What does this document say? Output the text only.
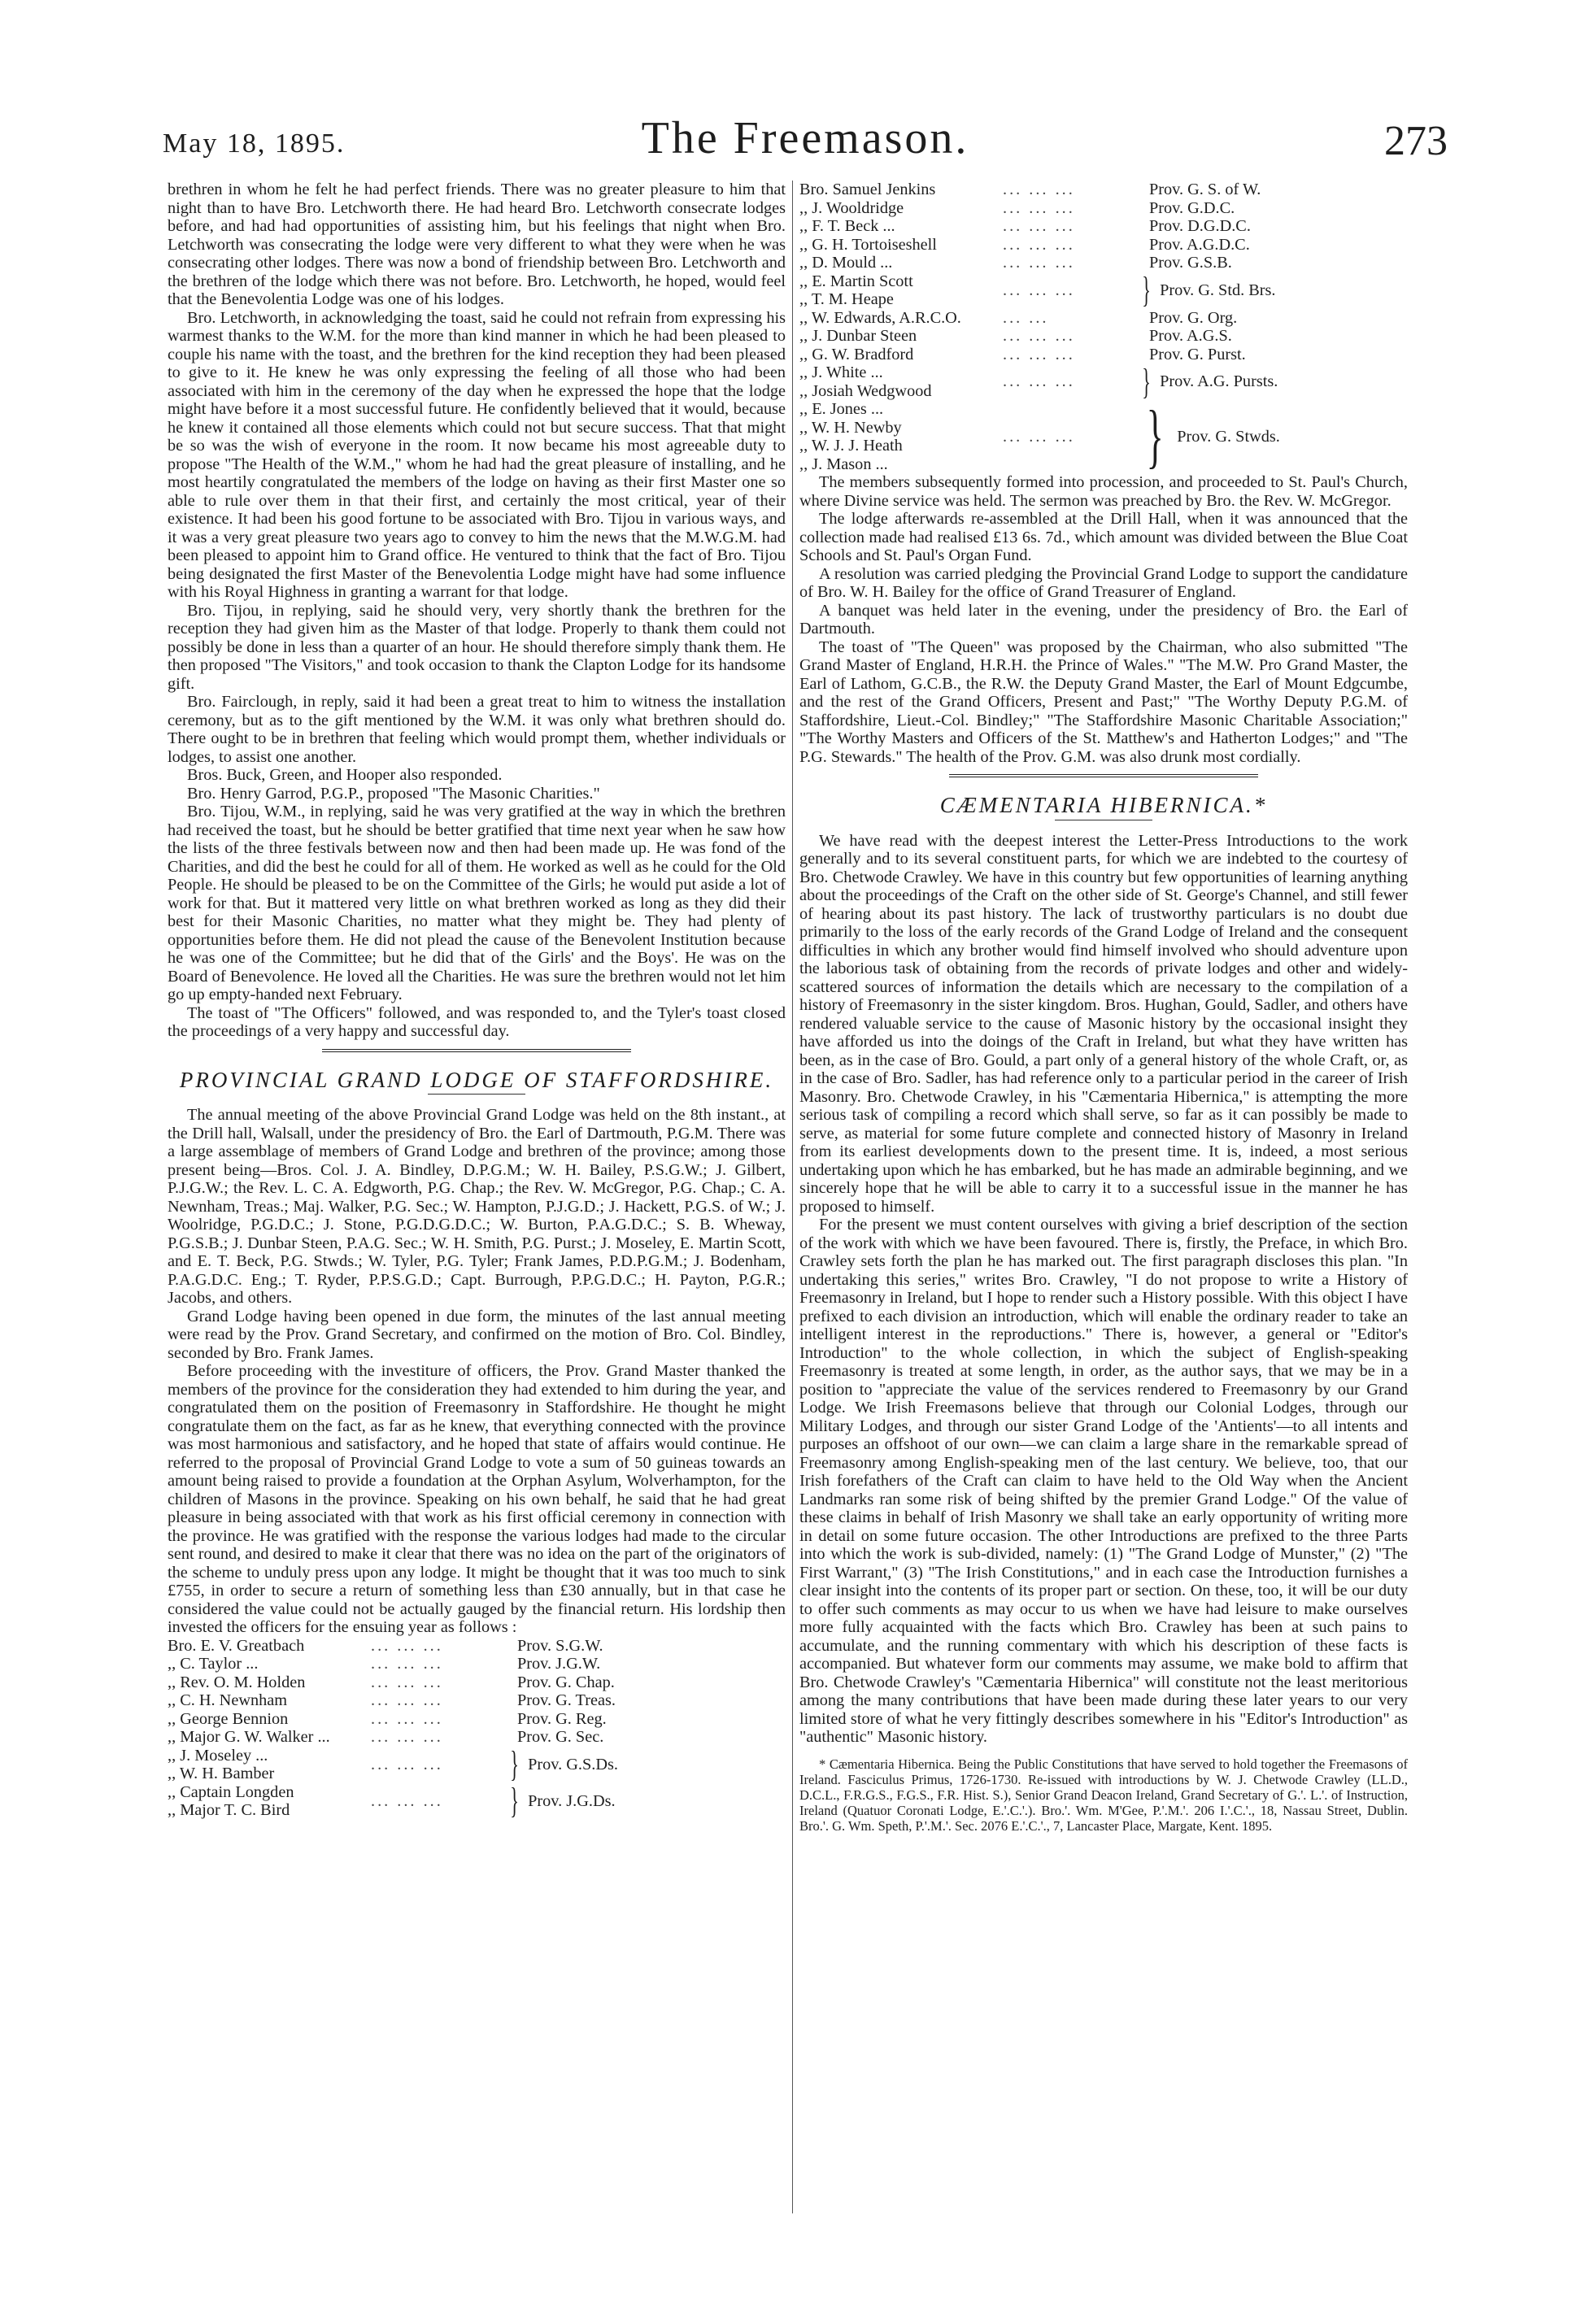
May 18, 1895.	The Freemason.	273

brethren in whom he felt he had perfect friends. There was no greater pleasure to him that night than to have Bro. Letchworth there. He had heard Bro. Letchworth consecrate lodges before, and had had opportunities of assisting him, but his feelings that night when Bro. Letchworth was consecrating the lodge were very different to what they were when he was consecrating other lodges. There was now a bond of friendship between Bro. Letchworth and the brethren of the lodge which there was not before. Bro. Letchworth, he hoped, would feel that the Benevolentia Lodge was one of his lodges.

Bro. Letchworth, in acknowledging the toast, said he could not refrain from expressing his warmest thanks to the W.M. for the more than kind manner in which he had been pleased to couple his name with the toast, and the brethren for the kind reception they had been pleased to give to it. He knew he was only expressing the feeling of all those who had been associated with him in the ceremony of the day when he expressed the hope that the lodge might have before it a most successful future. He confidently believed that it would, because he knew it contained all those elements which could not but secure success. That that might be so was the wish of everyone in the room. It now became his most agreeable duty to propose "The Health of the W.M.," whom he had had the great pleasure of installing, and he most heartily congratulated the members of the lodge on having as their first Master one so able to rule over them in that their first, and certainly the most critical, year of their existence. It had been his good fortune to be associated with Bro. Tijou in various ways, and it was a very great pleasure two years ago to convey to him the news that the M.W.G.M. had been pleased to appoint him to Grand office. He ventured to think that the fact of Bro. Tijou being designated the first Master of the Benevolentia Lodge might have had some influence with his Royal Highness in granting a warrant for that lodge.

Bro. Tijou, in replying, said he should very, very shortly thank the brethren for the reception they had given him as the Master of that lodge. Properly to thank them could not possibly be done in less than a quarter of an hour. He should therefore simply thank them. He then proposed "The Visitors," and took occasion to thank the Clapton Lodge for its handsome gift.

Bro. Fairclough, in reply, said it had been a great treat to him to witness the installation ceremony, but as to the gift mentioned by the W.M. it was only what brethren should do. There ought to be in brethren that feeling which would prompt them, whether individuals or lodges, to assist one another.

Bros. Buck, Green, and Hooper also responded.

Bro. Henry Garrod, P.G.P., proposed "The Masonic Charities."

Bro. Tijou, W.M., in replying, said he was very gratified at the way in which the brethren had received the toast, but he should be better gratified that time next year when he saw how the lists of the three festivals between now and then had been made up. He was fond of the Charities, and did the best he could for all of them. He worked as well as he could for the Old People. He should be pleased to be on the Committee of the Girls; he would put aside a lot of work for that. But it mattered very little on what brethren worked as long as they did their best for their Masonic Charities, no matter what they might be. They had plenty of opportunities before them. He did not plead the cause of the Benevolent Institution because he was one of the Committee; but he did that of the Girls' and the Boys'. He was on the Board of Benevolence. He loved all the Charities. He was sure the brethren would not let him go up empty-handed next February.

The toast of "The Officers" followed, and was responded to, and the Tyler's toast closed the proceedings of a very happy and successful day.

PROVINCIAL GRAND LODGE OF STAFFORDSHIRE.

The annual meeting of the above Provincial Grand Lodge was held on the 8th instant., at the Drill hall, Walsall, under the presidency of Bro. the Earl of Dartmouth, P.G.M. There was a large assemblage of members of Grand Lodge and brethren of the province; among those present being—Bros. Col. J. A. Bindley, D.P.G.M.; W. H. Bailey, P.S.G.W.; J. Gilbert, P.J.G.W.; the Rev. L. C. A. Edgworth, P.G. Chap.; the Rev. W. McGregor, P.G. Chap.; C. A. Newnham, Treas.; Maj. Walker, P.G. Sec.; W. Hampton, P.J.G.D.; J. Hackett, P.G.S. of W.; J. Woolridge, P.G.D.C.; J. Stone, P.G.D.G.D.C.; W. Burton, P.A.G.D.C.; S. B. Wheway, P.G.S.B.; J. Dunbar Steen, P.A.G. Sec.; W. H. Smith, P.G. Purst.; J. Moseley, E. Martin Scott, and E. T. Beck, P.G. Stwds.; W. Tyler, P.G. Tyler; Frank James, P.D.P.G.M.; J. Bodenham, P.A.G.D.C. Eng.; T. Ryder, P.P.S.G.D.; Capt. Burrough, P.P.G.D.C.; H. Payton, P.G.R.; Jacobs, and others.

Grand Lodge having been opened in due form, the minutes of the last annual meeting were read by the Prov. Grand Secretary, and confirmed on the motion of Bro. Col. Bindley, seconded by Bro. Frank James.

Before proceeding with the investiture of officers, the Prov. Grand Master thanked the members of the province for the consideration they had extended to him during the year, and congratulated them on the position of Freemasonry in Staffordshire. He thought he might congratulate them on the fact, as far as he knew, that everything connected with the province was most harmonious and satisfactory, and he hoped that state of affairs would continue. He referred to the proposal of Provincial Grand Lodge to vote a sum of 50 guineas towards an amount being raised to provide a foundation at the Orphan Asylum, Wolverhampton, for the children of Masons in the province. Speaking on his own behalf, he said that he had great pleasure in being associated with that work as his first official ceremony in connection with the province. He was gratified with the response the various lodges had made to the circular sent round, and desired to make it clear that there was no idea on the part of the originators of the scheme to unduly press upon any lodge. It might be thought that it was too much to sink £755, in order to secure a return of something less than £30 annually, but in that case he considered the value could not be actually gauged by the financial return. His lordship then invested the officers for the ensuing year as follows :

Bro. E. V. Greatbach	... ... ...	Prov. S.G.W.
,, C. Taylor ...	... ... ...	Prov. J.G.W.
,, Rev. O. M. Holden	... ... ...	Prov. G. Chap.
,, C. H. Newnham	... ... ...	Prov. G. Treas.
,, George Bennion	... ... ...	Prov. G. Reg.
,, Major G. W. Walker ...	... ... ...	Prov. G. Sec.
,, J. Moseley ...
,, W. H. Bamber
... ... ...	} Prov. G.S.Ds.
,, Captain Longden
,, Major T. C. Bird
... ... ...	} Prov. J.G.Ds.
Bro. Samuel Jenkins	... ... ...	Prov. G. S. of W.
,, J. Wooldridge	... ... ...	Prov. G.D.C.
,, F. T. Beck ...	... ... ...	Prov. D.G.D.C.
,, G. H. Tortoiseshell	... ... ...	Prov. A.G.D.C.
,, D. Mould ...	... ... ...	Prov. G.S.B.
,, E. Martin Scott
,, T. M. Heape
... ... ...	} Prov. G. Std. Brs.
,, W. Edwards, A.R.C.O.	... ...	Prov. G. Org.
,, J. Dunbar Steen	... ... ...	Prov. A.G.S.
,, G. W. Bradford	... ... ...	Prov. G. Purst.
,, J. White ...
,, Josiah Wedgwood
... ... ...	} Prov. A.G. Pursts.
,, E. Jones ...
,, W. H. Newby
,, W. J. J. Heath
,, J. Mason ...
... ... ... } Prov. G. Stwds.

The members subsequently formed into procession, and proceeded to St. Paul's Church, where Divine service was held. The sermon was preached by Bro. the Rev. W. McGregor.

The lodge afterwards re-assembled at the Drill Hall, when it was announced that the collection made had realised £13 6s. 7d., which amount was divided between the Blue Coat Schools and St. Paul's Organ Fund.

A resolution was carried pledging the Provincial Grand Lodge to support the candidature of Bro. W. H. Bailey for the office of Grand Treasurer of England.

A banquet was held later in the evening, under the presidency of Bro. the Earl of Dartmouth.

The toast of "The Queen" was proposed by the Chairman, who also submitted "The Grand Master of England, H.R.H. the Prince of Wales." "The M.W. Pro Grand Master, the Earl of Lathom, G.C.B., the R.W. the Deputy Grand Master, the Earl of Mount Edgcumbe, and the rest of the Grand Officers, Present and Past;" "The Worthy Deputy P.G.M. of Staffordshire, Lieut.-Col. Bindley;" "The Staffordshire Masonic Charitable Association;" "The Worthy Masters and Officers of the St. Matthew's and Hatherton Lodges;" and "The P.G. Stewards." The health of the Prov. G.M. was also drunk most cordially.

CÆMENTARIA HIBERNICA.*

We have read with the deepest interest the Letter-Press Introductions to the work generally and to its several constituent parts, for which we are indebted to the courtesy of Bro. Chetwode Crawley. We have in this country but few opportunities of learning anything about the proceedings of the Craft on the other side of St. George's Channel, and still fewer of hearing about its past history. The lack of trustworthy particulars is no doubt due primarily to the loss of the early records of the Grand Lodge of Ireland and the consequent difficulties in which any brother would find himself involved who should adventure upon the laborious task of obtaining from the records of private lodges and other and widely-scattered sources of information the details which are necessary to the compilation of a history of Freemasonry in the sister kingdom. Bros. Hughan, Gould, Sadler, and others have rendered valuable service to the cause of Masonic history by the occasional insight they have afforded us into the doings of the Craft in Ireland, but what they have written has been, as in the case of Bro. Gould, a part only of a general history of the whole Craft, or, as in the case of Bro. Sadler, has had reference only to a particular period in the career of Irish Masonry. Bro. Chetwode Crawley, in his "Cæmentaria Hibernica," is attempting the more serious task of compiling a record which shall serve, so far as it can possibly be made to serve, as material for some future complete and connected history of Masonry in Ireland from its earliest developments down to the present time. It is, indeed, a most serious undertaking upon which he has embarked, but he has made an admirable beginning, and we sincerely hope that he will be able to carry it to a successful issue in the manner he has proposed to himself.

For the present we must content ourselves with giving a brief description of the section of the work with which we have been favoured. There is, firstly, the Preface, in which Bro. Crawley sets forth the plan he has marked out. The first paragraph discloses this plan. "In undertaking this series," writes Bro. Crawley, "I do not propose to write a History of Freemasonry in Ireland, but I hope to render such a History possible. With this object I have prefixed to each division an introduction, which will enable the ordinary reader to take an intelligent interest in the reproductions." There is, however, a general or "Editor's Introduction" to the whole collection, in which the subject of English-speaking Freemasonry is treated at some length, in order, as the author says, that we may be in a position to "appreciate the value of the services rendered to Freemasonry by our Grand Lodge. We Irish Freemasons believe that through our Colonial Lodges, through our Military Lodges, and through our sister Grand Lodge of the 'Antients'—to all intents and purposes an offshoot of our own—we can claim a large share in the remarkable spread of Freemasonry among English-speaking men of the last century. We believe, too, that our Irish forefathers of the Craft can claim to have held to the Old Way when the Ancient Landmarks ran some risk of being shifted by the premier Grand Lodge." Of the value of these claims in behalf of Irish Masonry we shall take an early opportunity of writing more in detail on some future occasion. The other Introductions are prefixed to the three Parts into which the work is sub-divided, namely: (1) "The Grand Lodge of Munster," (2) "The First Warrant," (3) "The Irish Constitutions," and in each case the Introduction furnishes a clear insight into the contents of its proper part or section. On these, too, it will be our duty to offer such comments as may occur to us when we have had leisure to make ourselves more fully acquainted with the facts which Bro. Crawley has been at such pains to accumulate, and the running commentary with which his description of these facts is accompanied. But whatever form our comments may assume, we make bold to affirm that Bro. Chetwode Crawley's "Cæmentaria Hibernica" will constitute not the least meritorious among the many contributions that have been made during these later years to our very limited store of what he very fittingly describes somewhere in his "Editor's Introduction" as "authentic" Masonic history.

* Cæmentaria Hibernica. Being the Public Constitutions that have served to hold together the Freemasons of Ireland. Fasciculus Primus, 1726-1730. Re-issued with introductions by W. J. Chetwode Crawley (LL.D., D.C.L., F.R.G.S., F.G.S., F.R. Hist. S.), Senior Grand Deacon Ireland, Grand Secretary of G.'. L.'. of Instruction, Ireland (Quatuor Coronati Lodge, E.'.C.'.). Bro.'. Wm. M'Gee, P.'.M.'. 206 I.'.C.'., 18, Nassau Street, Dublin. Bro.'. G. Wm. Speth, P.'.M.'. Sec. 2076 E.'.C.'., 7, Lancaster Place, Margate, Kent. 1895.
